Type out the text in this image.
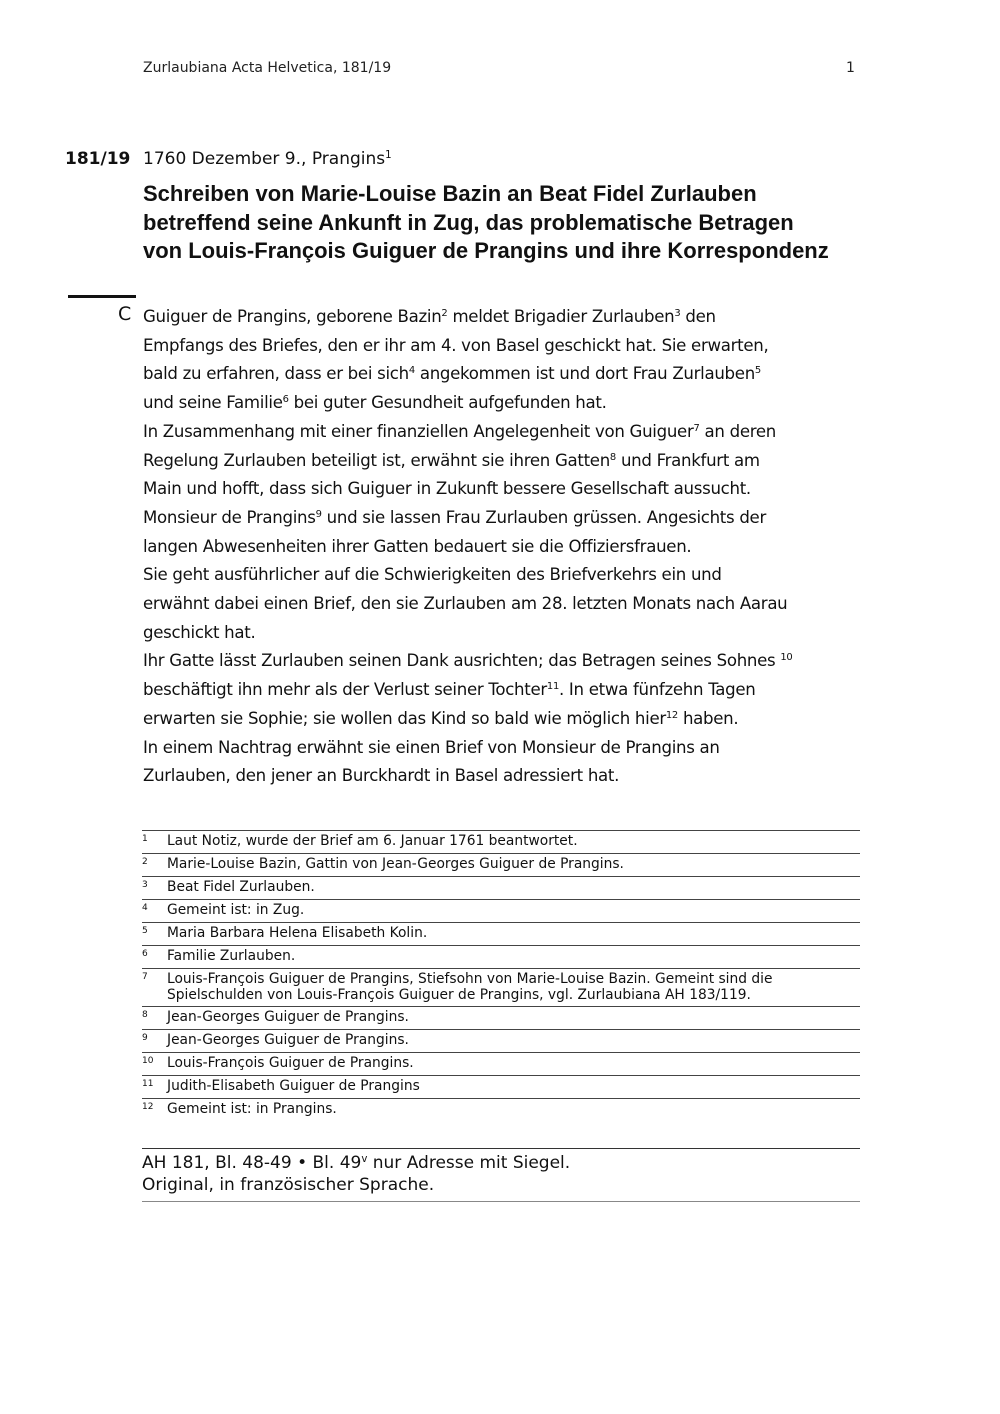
Zurlaubiana Acta Helvetica, 181/19	1
181/19 1760 Dezember 9., Prangins$^1$
Schreiben von Marie-Louise Bazin an Beat Fidel Zurlauben
betreffend seine Ankunft in Zug, das problematische Betragen
von Louis-François Guiguer de Prangins und ihre Korrespondenz
C Guiguer de Prangins, geborene Bazin$^2$ meldet Brigadier Zurlauben$^3$ den
Empfangs des Briefes, den er ihr am 4. von Basel geschickt hat. Sie erwarten,
bald zu erfahren, dass er bei sich$^4$ angekommen ist und dort Frau Zurlauben$^5$
und seine Familie$^6$ bei guter Gesundheit aufgefunden hat.
In Zusammenhang mit einer finanziellen Angelegenheit von Guiguer$^7$ an deren
Regelung Zurlauben beteiligt ist, erwähnt sie ihren Gatten$^8$ und Frankfurt am
Main und hofft, dass sich Guiguer in Zukunft bessere Gesellschaft aussucht.
Monsieur de Prangins$^9$ und sie lassen Frau Zurlauben grüssen. Angesichts der
langen Abwesenheiten ihrer Gatten bedauert sie die Offiziersfrauen.
Sie geht ausführlicher auf die Schwierigkeiten des Briefverkehrs ein und
erwähnt dabei einen Brief, den sie Zurlauben am 28. letzten Monats nach Aarau
geschickt hat.
Ihr Gatte lässt Zurlauben seinen Dank ausrichten; das Betragen seines Sohnes $^{10}$
beschäftigt ihn mehr als der Verlust seiner Tochter$^{11}$. In etwa fünfzehn Tagen
erwarten sie Sophie; sie wollen das Kind so bald wie möglich hier$^{12}$ haben.
In einem Nachtrag erwähnt sie einen Brief von Monsieur de Prangins an
Zurlauben, den jener an Burckhardt in Basel adressiert hat.
1 Laut Notiz, wurde der Brief am 6. Januar 1761 beantwortet.
2 Marie-Louise Bazin, Gattin von Jean-Georges Guiguer de Prangins.
3 Beat Fidel Zurlauben.
4 Gemeint ist: in Zug.
5 Maria Barbara Helena Elisabeth Kolin.
6 Familie Zurlauben.
7 Louis-François Guiguer de Prangins, Stiefsohn von Marie-Louise Bazin. Gemeint sind die Spielschulden von Louis-François Guiguer de Prangins, vgl. Zurlaubiana AH 183/119.
8 Jean-Georges Guiguer de Prangins.
9 Jean-Georges Guiguer de Prangins.
10 Louis-François Guiguer de Prangins.
11 Judith-Elisabeth Guiguer de Prangins
12 Gemeint ist: in Prangins.
AH 181, Bl. 48-49 • Bl. 49$^v$ nur Adresse mit Siegel.
Original, in französischer Sprache.
